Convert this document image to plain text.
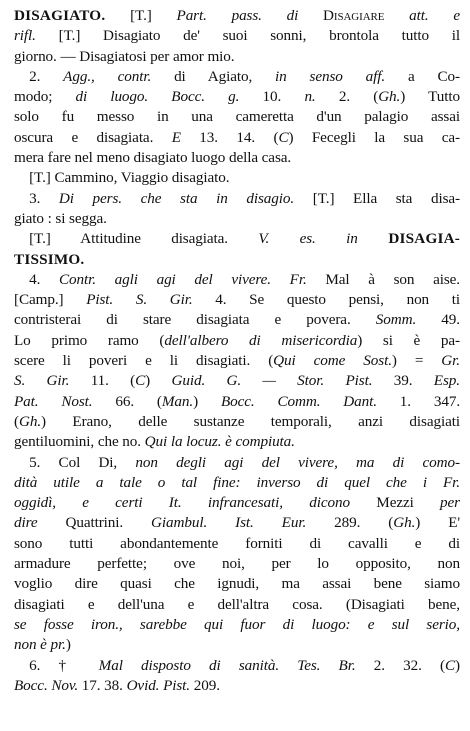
DISAGIATO. [T.] Part. pass. di Disagiare att. e
rifl. [T.] Disagiato de' suoi sonni, brontola tutto il
giorno. — Disagiatosi per amor mio.
 2. Agg., contr. di Agiato, in senso aff. a Co-
modo; di luogo. Bocc. g. 10. n. 2. (Gh.) Tutto
solo fu messo in una cameretta d'un palagio assai
oscura e disagiata. E 13. 14. (C) Fecegli la sua ca-
mera fare nel meno disagiato luogo della casa.
 [T.] Cammino, Viaggio disagiato.
 3. Di pers. che sta in disagio. [T.] Ella sta disa-
giato : si segga.
 [T.] Attitudine disagiata. V. es. in DISAGIA-
TISSIMO.
 4. Contr. agli agi del vivere. Fr. Mal à son aise.
[Camp.] Pist. S. Gir. 4. Se questo pensi, non ti
contristerai di stare disagiata e povera. Somm. 49.
Lo primo ramo (dell'albero di misericordia) si è pa-
scere li poveri e li disagiati. (Qui come Sost.) = Gr.
S. Gir. 11. (C) Guid. G. — Stor. Pist. 39. Esp.
Pat. Nost. 66. (Man.) Bocc. Comm. Dant. 1. 347.
(Gh.) Erano, delle sustanze temporali, anzi disagiati
gentiluomini, che no. Qui la locuz. è compiuta.
 5. Col Di, non degli agi del vivere, ma di como-
dità utile a tale o tal fine: inverso di quel che i Fr.
oggidì, e certi It. infrancesati, dicono Mezzi per
dire Quattrini. Giambul. Ist. Eur. 289. (Gh.) E'
sono tutti abondantemente forniti di cavalli e di
armadure perfette; ove noi, per lo opposito, non
voglio dire quasi che ignudi, ma assai bene siamo
disagiati e dell'una e dell'altra cosa. (Disagiati bene,
se fosse iron., sarebbe qui fuor di luogo: e sul serio,
non è pr.)
 6. † Mal disposto di sanità. Tes. Br. 2. 32. (C)
Bocc. Nov. 17. 38. Ovid. Pist. 209.
